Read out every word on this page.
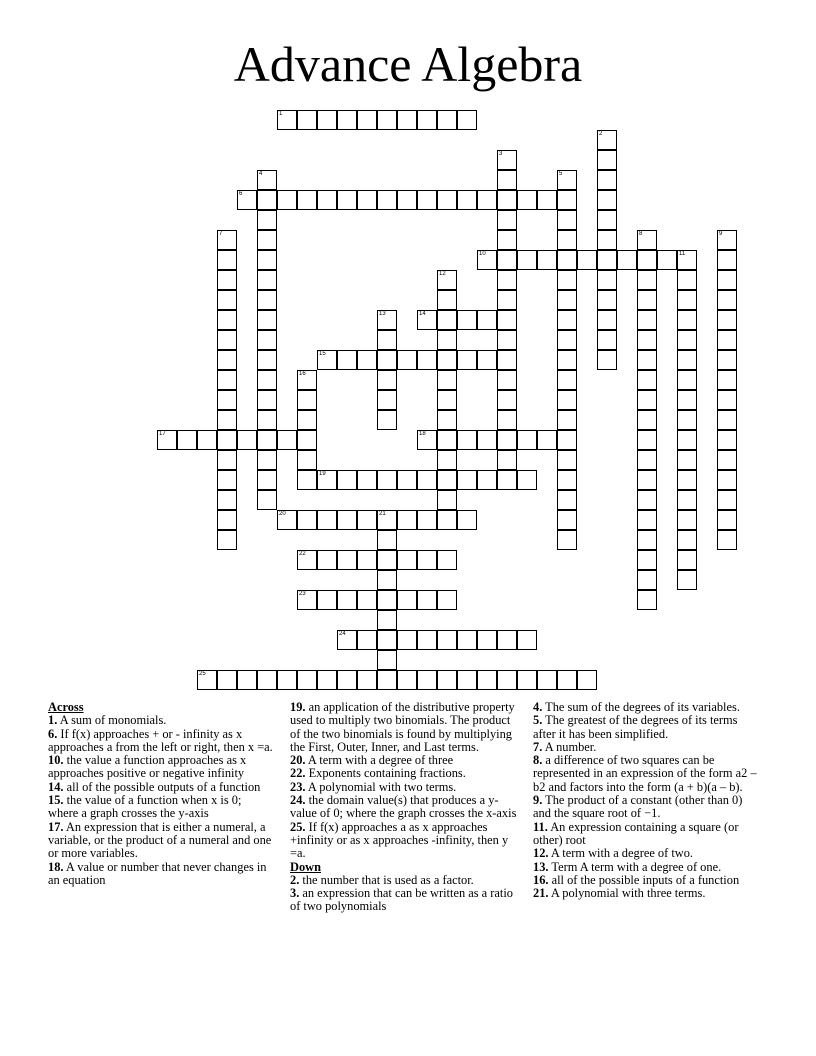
Advance Algebra
1
6
10	11
14
15
17	18
19
20	21
22
23
24
25
2
3
4	5
7	8	9
12
13
16

Across

1. A sum of monomials.

6. If f(x) approaches + or - infinity as x approaches a from the left or right, then x =a.

10. the value a function approaches as x approaches positive or negative infinity

14. all of the possible outputs of a function

15. the value of a function when x is 0; where a graph crosses the y-axis

17. An expression that is either a numeral, a variable, or the product of a numeral and one or more variables.

18. A value or number that never changes in an equation

19. an application of the distributive property used to multiply two binomials. The product of the two binomials is found by multiplying the First, Outer, Inner, and Last terms.

20. A term with a degree of three

22. Exponents containing fractions.

23. A polynomial with two terms.

24. the domain value(s) that produces a y-value of 0; where the graph crosses the x-axis

25. If f(x) approaches a as x approaches +infinity or as x approaches -infinity, then y =a.

Down

2. the number that is used as a factor.

3. an expression that can be written as a ratio of two polynomials

4. The sum of the degrees of its variables.

5. The greatest of the degrees of its terms after it has been simplified.

7. A number.

8. a difference of two squares can be represented in an expression of the form a2 – b2 and factors into the form (a + b)(a – b).

9. The product of a constant (other than 0) and the square root of −1.

11. An expression containing a square (or other) root

12. A term with a degree of two.

13. Term A term with a degree of one.

16. all of the possible inputs of a function

21. A polynomial with three terms.
